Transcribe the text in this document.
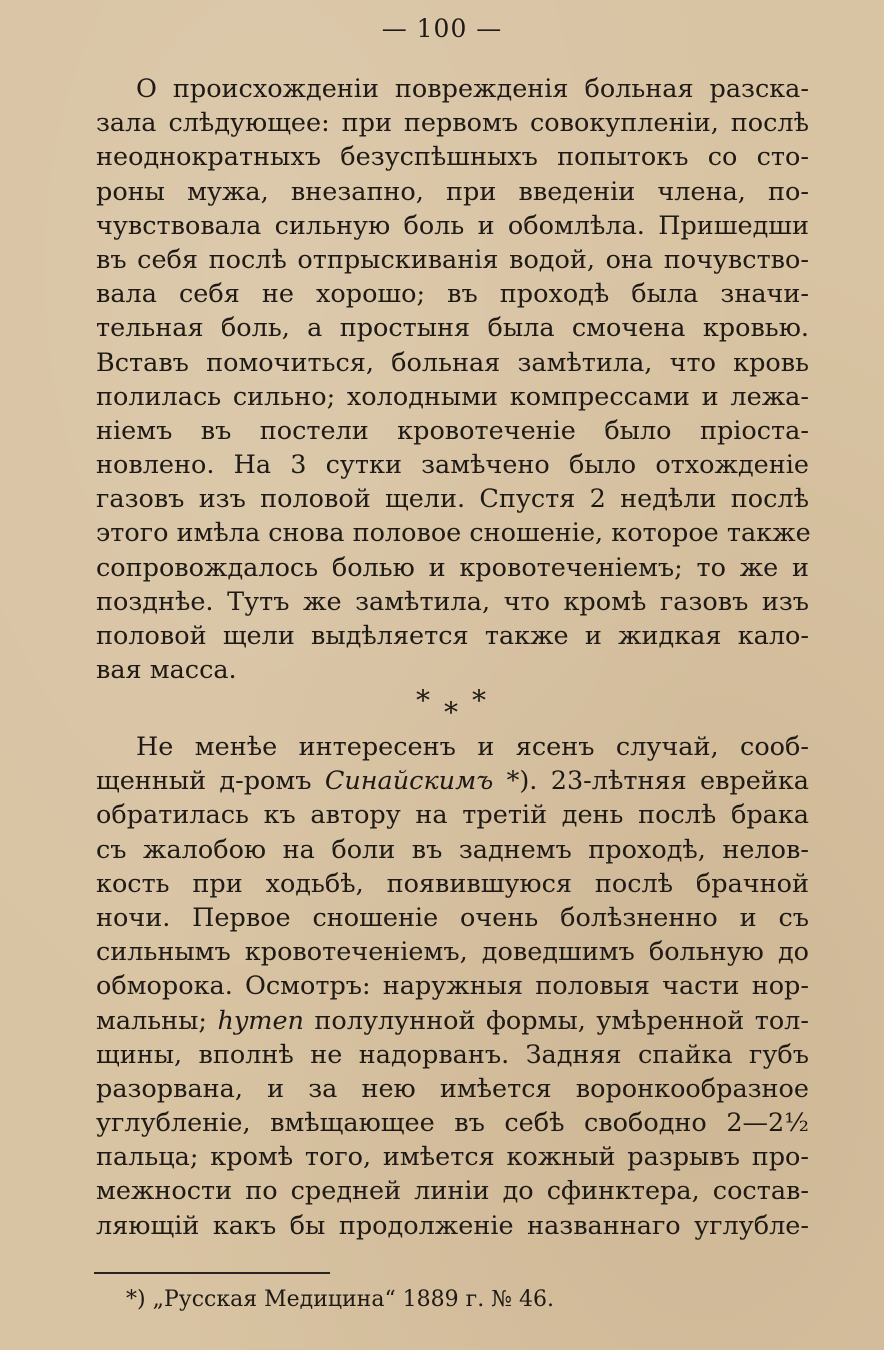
— 100 —
О происхожденіи поврежденія больная разска-
зала слѣдующее: при первомъ совокупленіи, послѣ
неоднократныхъ безуспѣшныхъ попытокъ со сто-
роны мужа, внезапно, при введеніи члена, по-
чувствовала сильную боль и обомлѣла. Пришедши
въ себя послѣ отпрыскиванія водой, она почувство-
вала себя не хорошо; въ проходѣ была значи-
тельная боль, а простыня была смочена кровью.
Вставъ помочиться, больная замѣтила, что кровь
полилась сильно; холодными компрессами и лежа-
ніемъ въ постели кровотеченіе было пріоста-
новлено. На 3 сутки замѣчено было отхожденіе
газовъ изъ половой щели. Спустя 2 недѣли послѣ
этого имѣла снова половое сношеніе, которое также
сопровождалось болью и кровотеченіемъ; то же и
позднѣе. Тутъ же замѣтила, что кромѣ газовъ изъ
половой щели выдѣляется также и жидкая кало-
вая масса.
* * *
Не менѣе интересенъ и ясенъ случай, сооб-
щенный д-ромъ Синайскимъ *). 23-лѣтняя еврейка
обратилась къ автору на третій день послѣ брака
съ жалобою на боли въ заднемъ проходѣ, нелов-
кость при ходьбѣ, появившуюся послѣ брачной
ночи. Первое сношеніе очень болѣзненно и съ
сильнымъ кровотеченіемъ, доведшимъ больную до
обморока. Осмотръ: наружныя половыя части нор-
мальны; hymen полулунной формы, умѣренной тол-
щины, вполнѣ не надорванъ. Задняя спайка губъ
разорвана, и за нею имѣется воронкообразное
углубленіе, вмѣщающее въ себѣ свободно 2—2½
пальца; кромѣ того, имѣется кожный разрывъ про-
межности по средней линіи до сфинктера, состав-
ляющій какъ бы продолженіе названнаго углубле-
*) „Русская Медицина“ 1889 г. № 46.
